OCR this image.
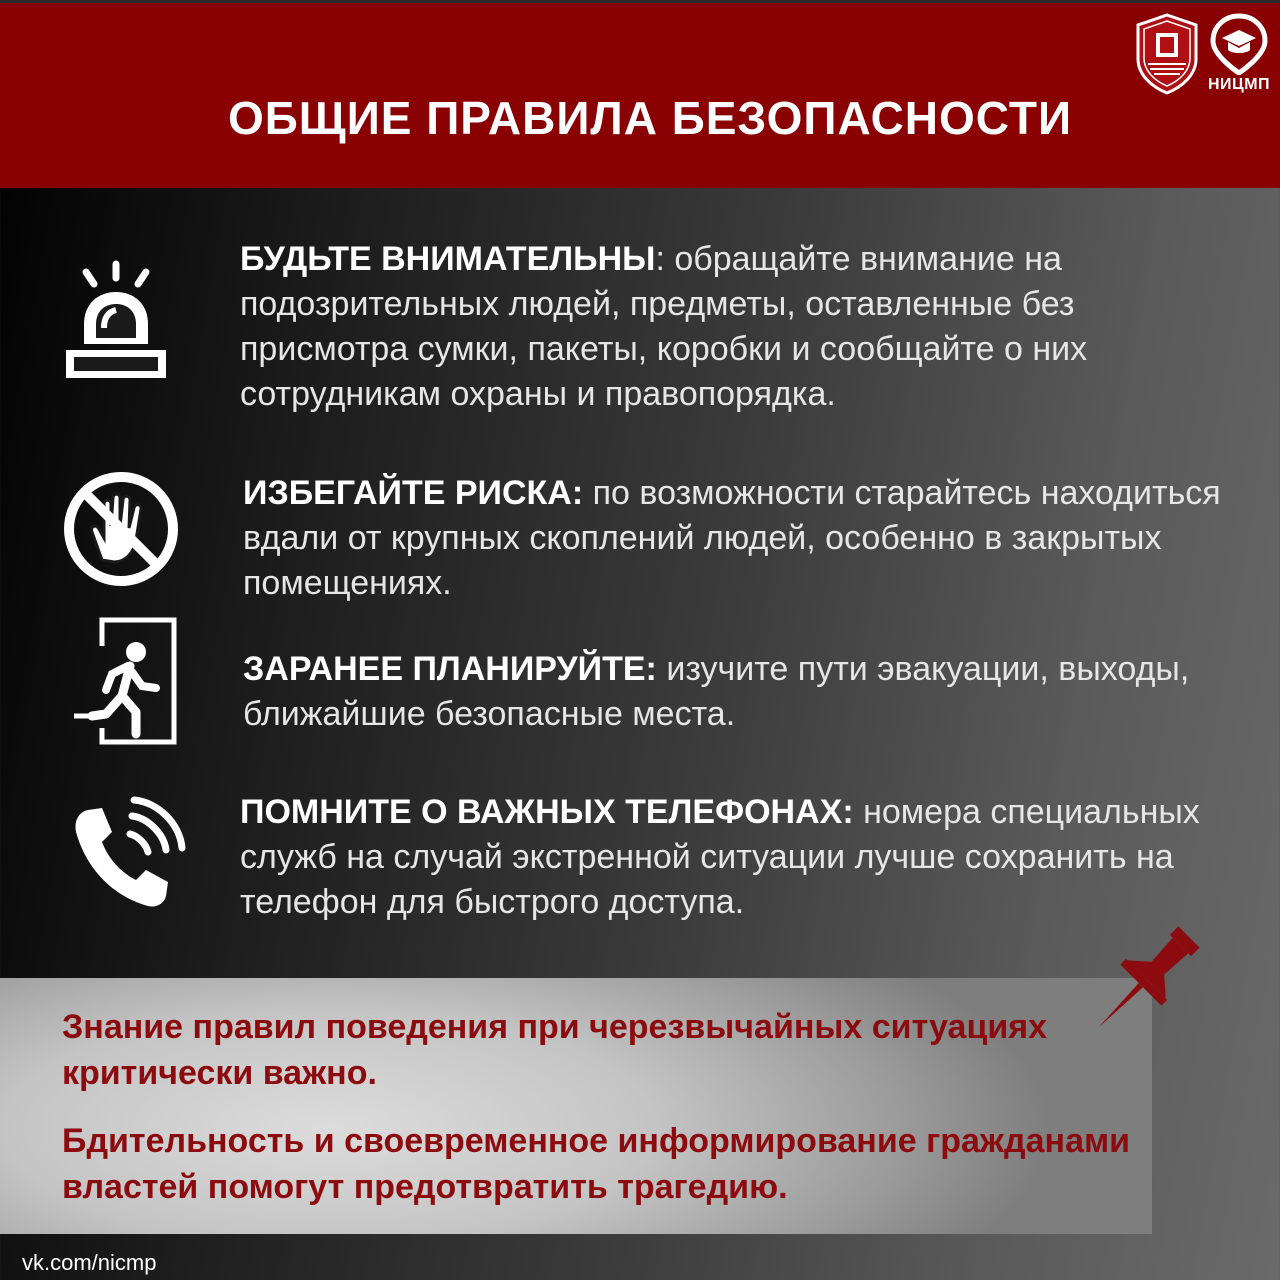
ОБЩИЕ ПРАВИЛА БЕЗОПАСНОСТИ
НИЦМП
БУДЬТЕ ВНИМАТЕЛЬНЫ: обращайте внимание на подозрительных людей, предметы, оставленные без присмотра сумки, пакеты, коробки и сообщайте о них сотрудникам охраны и правопорядка.
ИЗБЕГАЙТЕ РИСКА: по возможности старайтесь находиться вдали от крупных скоплений людей, особенно в закрытых помещениях.
ЗАРАНЕЕ ПЛАНИРУЙТЕ: изучите пути эвакуации, выходы, ближайшие безопасные места.
ПОМНИТЕ О ВАЖНЫХ ТЕЛЕФОНАХ: номера специальных служб на случай экстренной ситуации лучше сохранить на телефон для быстрого доступа.
Знание правил поведения при черезвычайных ситуациях критически важно.
Бдительность и своевременное информирование гражданами властей помогут предотвратить трагедию.
vk.com/nicmp
